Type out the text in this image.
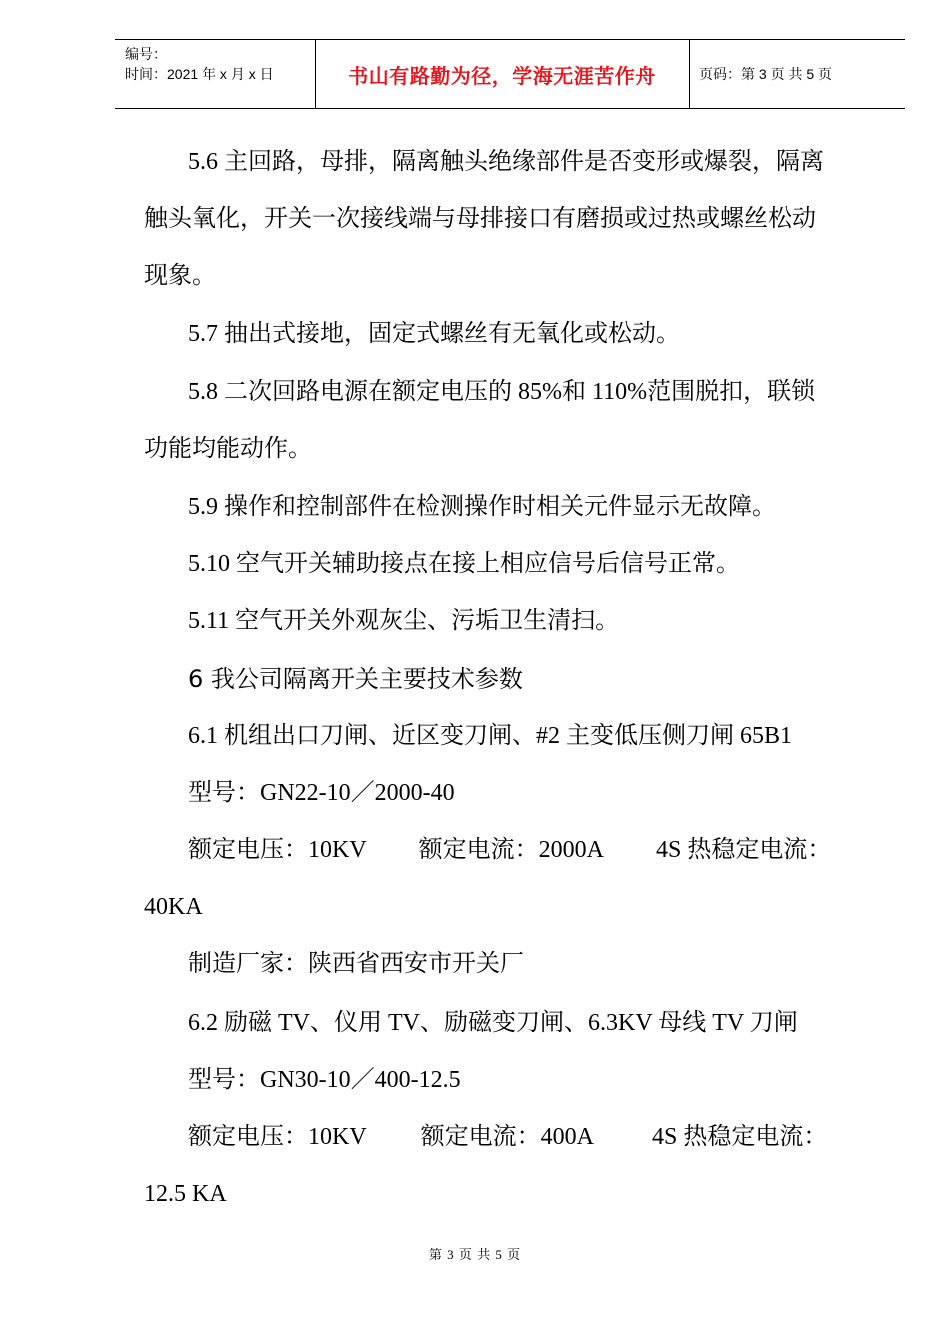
编号：
时间：2021 年 x 月 x 日	书山有路勤为径，学海无涯苦作舟	页码：第 3 页 共 5 页
5.6 主回路，母排，隔离触头绝缘部件是否变形或爆裂，隔离
触头氧化，开关一次接线端与母排接口有磨损或过热或螺丝松动
现象。
5.7 抽出式接地，固定式螺丝有无氧化或松动。
5.8 二次回路电源在额定电压的 85%和 110%范围脱扣，联锁
功能均能动作。
5.9 操作和控制部件在检测操作时相关元件显示无故障。
5.10 空气开关辅助接点在接上相应信号后信号正常。
5.11 空气开关外观灰尘、污垢卫生清扫。
6 我公司隔离开关主要技术参数
6.1 机组出口刀闸、近区变刀闸、#2 主变低压侧刀闸 65B1
型号：GN22-10／2000-40
额定电压：10KV 额定电流：2000A 4S 热稳定电流：
40KA
制造厂家：陕西省西安市开关厂
6.2 励磁 TV、仪用 TV、励磁变刀闸、6.3KV 母线 TV 刀闸
型号：GN30-10／400-12.5
额定电压：10KV 额定电流：400A 4S 热稳定电流：
12.5 KA
第 3 页 共 5 页
